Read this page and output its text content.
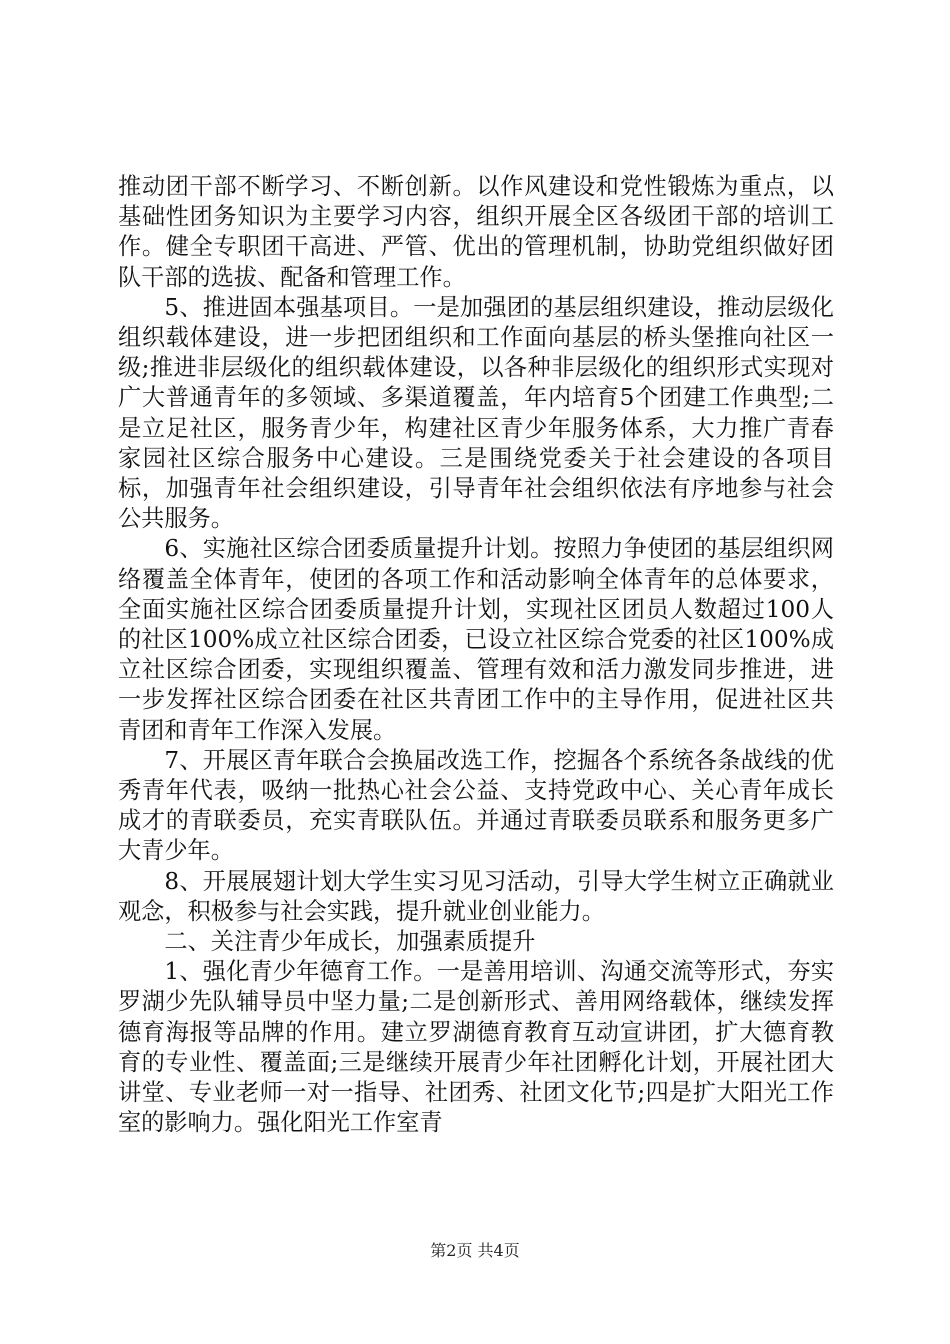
推动团干部不断学习、不断创新。以作风建设和党性锻炼为重点，以基础性团务知识为主要学习内容，组织开展全区各级团干部的培训工作。健全专职团干高进、严管、优出的管理机制，协助党组织做好团队干部的选拔、配备和管理工作。

5、推进固本强基项目。一是加强团的基层组织建设，推动层级化组织载体建设，进一步把团组织和工作面向基层的桥头堡推向社区一级;推进非层级化的组织载体建设，以各种非层级化的组织形式实现对广大普通青年的多领域、多渠道覆盖，年内培育5个团建工作典型;二是立足社区，服务青少年，构建社区青少年服务体系，大力推广青春家园社区综合服务中心建设。三是围绕党委关于社会建设的各项目标，加强青年社会组织建设，引导青年社会组织依法有序地参与社会公共服务。

6、实施社区综合团委质量提升计划。按照力争使团的基层组织网络覆盖全体青年，使团的各项工作和活动影响全体青年的总体要求，全面实施社区综合团委质量提升计划，实现社区团员人数超过100人的社区100%成立社区综合团委，已设立社区综合党委的社区100%成立社区综合团委，实现组织覆盖、管理有效和活力激发同步推进，进一步发挥社区综合团委在社区共青团工作中的主导作用，促进社区共青团和青年工作深入发展。

7、开展区青年联合会换届改选工作，挖掘各个系统各条战线的优秀青年代表，吸纳一批热心社会公益、支持党政中心、关心青年成长成才的青联委员，充实青联队伍。并通过青联委员联系和服务更多广大青少年。

8、开展展翅计划大学生实习见习活动，引导大学生树立正确就业观念，积极参与社会实践，提升就业创业能力。

二、关注青少年成长，加强素质提升

1、强化青少年德育工作。一是善用培训、沟通交流等形式，夯实罗湖少先队辅导员中坚力量;二是创新形式、善用网络载体，继续发挥德育海报等品牌的作用。建立罗湖德育教育互动宣讲团，扩大德育教育的专业性、覆盖面;三是继续开展青少年社团孵化计划，开展社团大讲堂、专业老师一对一指导、社团秀、社团文化节;四是扩大阳光工作室的影响力。强化阳光工作室青

第2页 共4页
